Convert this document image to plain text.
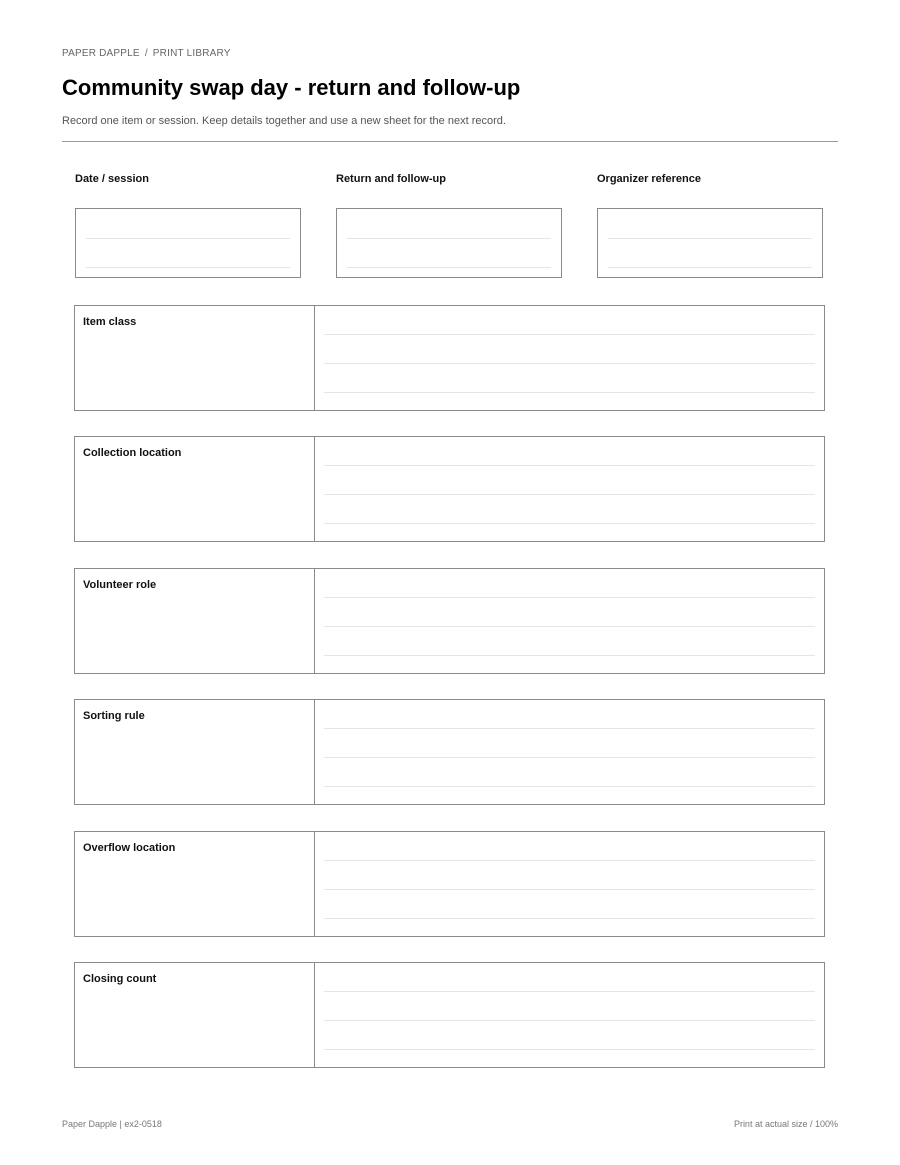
PAPER DAPPLE / PRINT LIBRARY
Community swap day - return and follow-up
Record one item or session. Keep details together and use a new sheet for the next record.
Date / session	Return and follow-up	Organizer reference
Item class
Collection location
Volunteer role
Sorting rule
Overflow location
Closing count
Paper Dapple | ex2-0518	Print at actual size / 100%
